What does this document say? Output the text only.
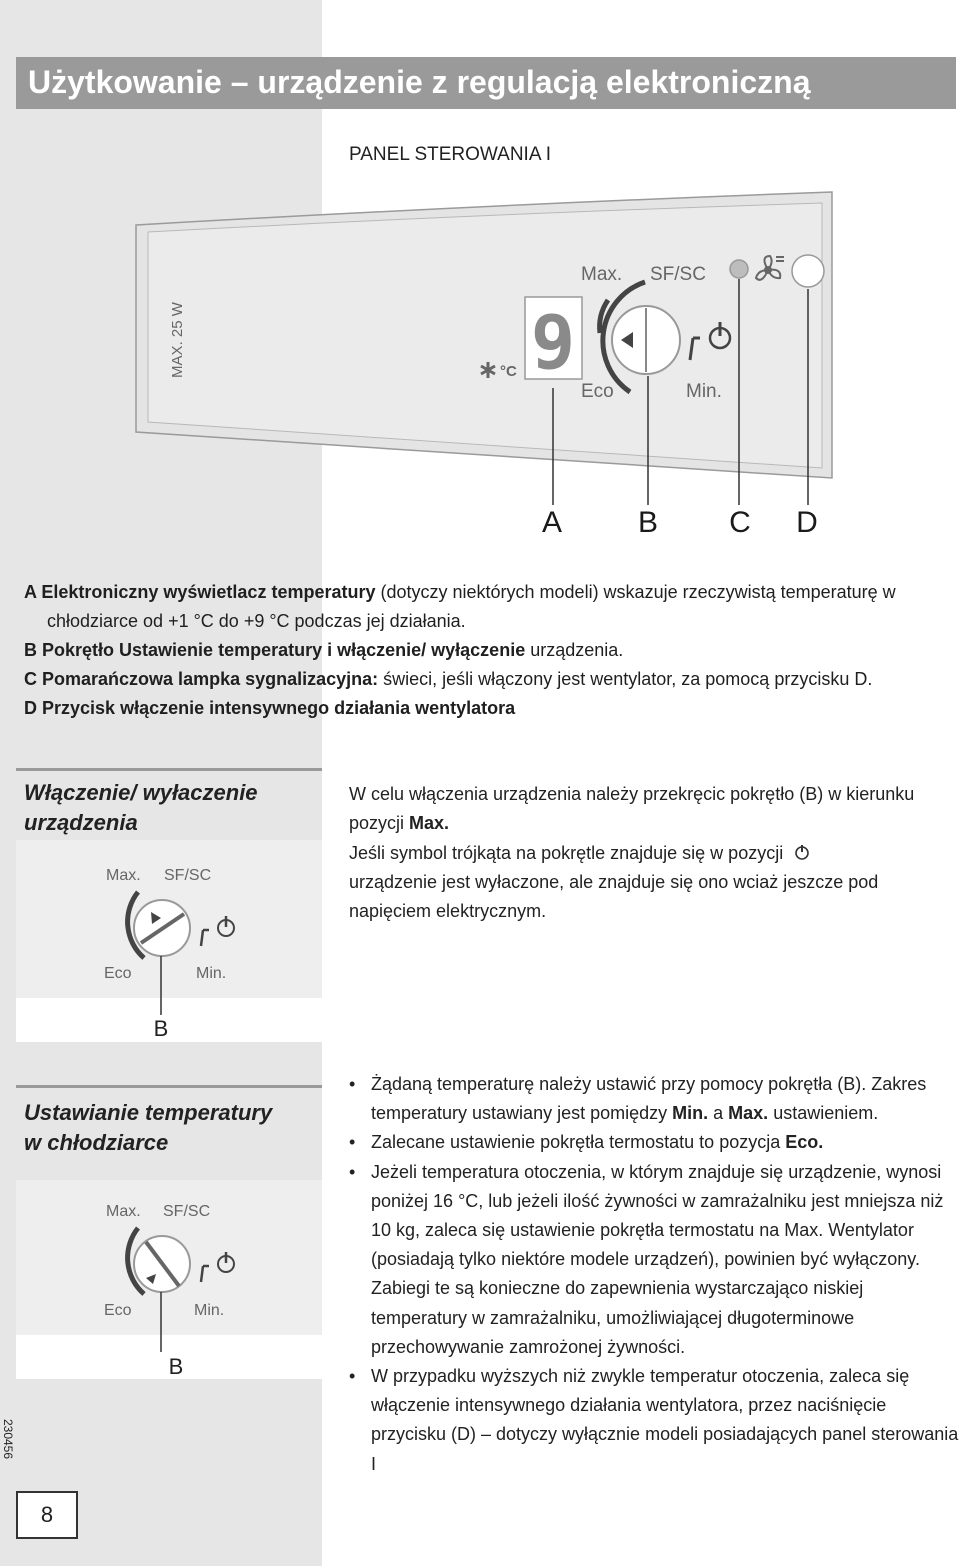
Użytkowanie – urządzenie z regulacją elektroniczną
PANEL STEROWANIA I
MAX. 25 W	9
°C
Max. SF/SC
Eco	Min.
A	B C D

A Elektroniczny wyświetlacz temperatury (dotyczy niektórych modeli) wskazuje rzeczywistą temperaturę w chłodziarce od +1 °C do +9 °C podczas jej działania.

B Pokrętło Ustawienie temperatury i włączenie/ wyłączenie urządzenia.

C Pomarańczowa lampka sygnalizacyjna: świeci, jeśli włączony jest wentylator, za pomocą przycisku D.

D Przycisk włączenie intensywnego działania wentylatora

Włączenie/ wyłaczenie
urządzenia
Max. SF/SC
Eco	Min.
B

W celu włączenia urządzenia należy przekręcic pokrętło (B) w kierunku pozycji Max.

Jeśli symbol trójkąta na pokrętle znajduje się w pozycji

urządzenie jest wyłaczone, ale znajduje się ono wciaż jeszcze pod napięciem elektrycznym.

Ustawianie temperatury
w chłodziarce
Max. SF/SC
Eco	Min.
B
• Żądaną temperaturę należy ustawić przy pomocy pokrętła (B). Zakres temperatury ustawiany jest pomiędzy Min. a Max. ustawieniem.
• Zalecane ustawienie pokrętła termostatu to pozycja Eco.
• Jeżeli temperatura otoczenia, w którym znajduje się urządzenie, wynosi poniżej 16 °C, lub jeżeli ilość żywności w zamrażalniku jest mniejsza niż 10 kg, zaleca się ustawienie pokrętła termostatu na Max. Wentylator (posiadają tylko niektóre modele urządzeń), powinien być wyłączony. Zabiegi te są konieczne do zapewnienia wystarczająco niskiej temperatury w zamrażalniku, umożliwiającej długoterminowe przechowywanie zamrożonej żywności.
• W przypadku wyższych niż zwykle temperatur otoczenia, zaleca się włączenie intensywnego działania wentylatora, przez naciśnięcie przycisku (D) – dotyczy wyłącznie modeli posiadających panel sterowania I
230456
8
